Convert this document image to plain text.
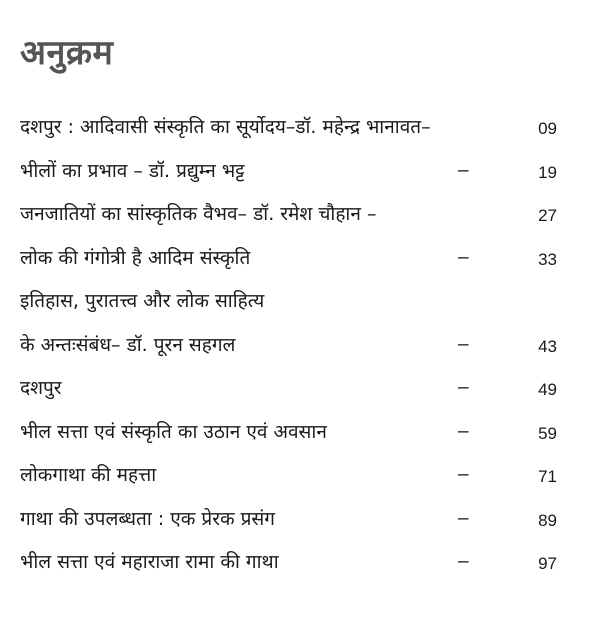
अनुक्रम
दशपुर : आदिवासी संस्कृति का सूर्योदय–डॉ. महेन्द्र भानावत–	09
भीलों का प्रभाव – डॉ. प्रद्युम्न भट्ट	–	19
जनजातियों का सांस्कृतिक वैभव– डॉ. रमेश चौहान –	27
लोक की गंगोत्री है आदिम संस्कृति	–	33
इतिहास, पुरातत्त्व और लोक साहित्य
के अन्तःसंबंध– डॉ. पूरन सहगल	–	43
दशपुर	–	49
भील सत्ता एवं संस्कृति का उठान एवं अवसान	–	59
लोकगाथा की महत्ता	–	71
गाथा की उपलब्धता : एक प्रेरक प्रसंग	–	89
भील सत्ता एवं महाराजा रामा की गाथा	–	97
